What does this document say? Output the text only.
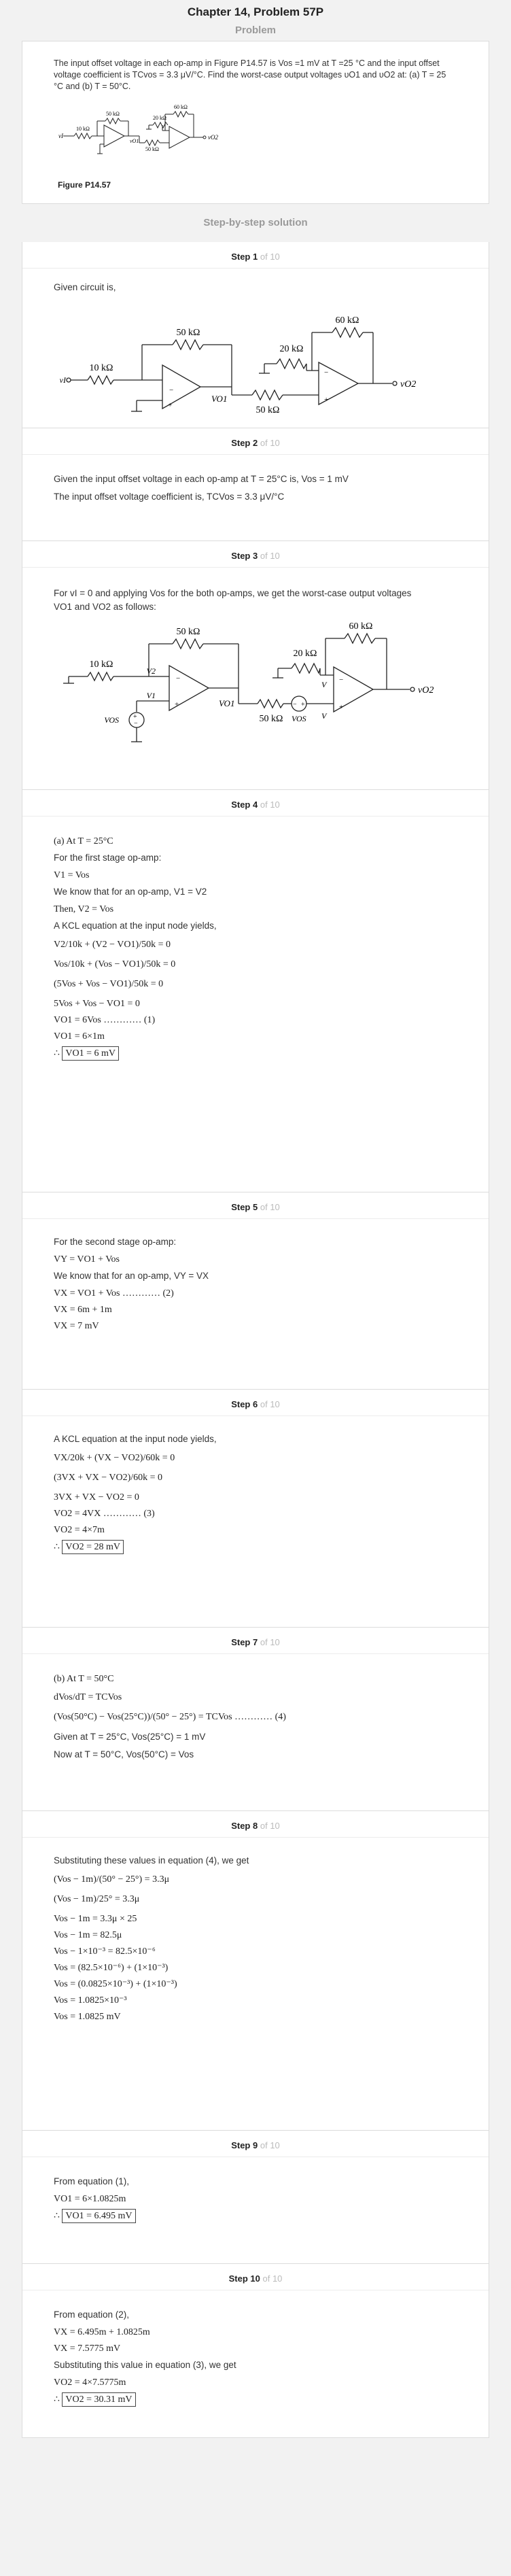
Chapter 14, Problem 57P
Problem

The input offset voltage in each op-amp in Figure P14.57 is Vos =1 mV at T =25 °C and the input offset voltage coefficient is TCvos = 3.3 μV/°C. Find the worst-case output voltages υO1 and υO2 at: (a) T = 25 °C and (b) T = 50°C.

vI
10 kΩ
50 kΩ
50 kΩ
20 kΩ
60 kΩ
vO1
vO2
Figure P14.57
Step-by-step solution
Step 1 of 10

Given circuit is,

−
+
−
+
vI
10 kΩ
50 kΩ
20 kΩ
60 kΩ
50 kΩ
VO1
vO2
Step 2 of 10

Given the input offset voltage in each op-amp at T = 25°C is, Vos = 1 mV

The input offset voltage coefficient is, TCVos = 3.3 μV/°C

Step 3 of 10

For vI = 0 and applying Vos for the both op-amps, we get the worst-case output voltages

VO1 and VO2 as follows:

+
−
− +
−
+
−
+
10 kΩ
50 kΩ
20 kΩ
60 kΩ
50 kΩ
VOS
V1
V2
VO1
VOS V
V
vO2
Step 4 of 10

(a) At T = 25°C

For the first stage op-amp:

V1 = Vos

We know that for an op-amp, V1 = V2

Then, V2 = Vos

A KCL equation at the input node yields,

V2/10k + (V2 − VO1)/50k = 0

Vos/10k + (Vos − VO1)/50k = 0

(5Vos + Vos − VO1)/50k = 0

5Vos + Vos − VO1 = 0

VO1 = 6Vos ………… (1)

VO1 = 6×1m

∴ VO1 = 6 mV

Step 5 of 10

For the second stage op-amp:

VY = VO1 + Vos

We know that for an op-amp, VY = VX

VX = VO1 + Vos ………… (2)

VX = 6m + 1m

VX = 7 mV

Step 6 of 10

A KCL equation at the input node yields,

VX/20k + (VX − VO2)/60k = 0

(3VX + VX − VO2)/60k = 0

3VX + VX − VO2 = 0

VO2 = 4VX ………… (3)

VO2 = 4×7m

∴ VO2 = 28 mV

Step 7 of 10

(b) At T = 50°C

dVos/dT = TCVos

(Vos(50°C) − Vos(25°C))/(50° − 25°) = TCVos ………… (4)

Given at T = 25°C, Vos(25°C) = 1 mV

Now at T = 50°C, Vos(50°C) = Vos

Step 8 of 10

Substituting these values in equation (4), we get

(Vos − 1m)/(50° − 25°) = 3.3μ

(Vos − 1m)/25° = 3.3μ

Vos − 1m = 3.3μ × 25

Vos − 1m = 82.5μ

Vos − 1×10⁻³ = 82.5×10⁻⁶

Vos = (82.5×10⁻⁶) + (1×10⁻³)

Vos = (0.0825×10⁻³) + (1×10⁻³)

Vos = 1.0825×10⁻³

Vos = 1.0825 mV

Step 9 of 10

From equation (1),

VO1 = 6×1.0825m

∴ VO1 = 6.495 mV

Step 10 of 10

From equation (2),

VX = 6.495m + 1.0825m

VX = 7.5775 mV

Substituting this value in equation (3), we get

VO2 = 4×7.5775m

∴ VO2 = 30.31 mV
